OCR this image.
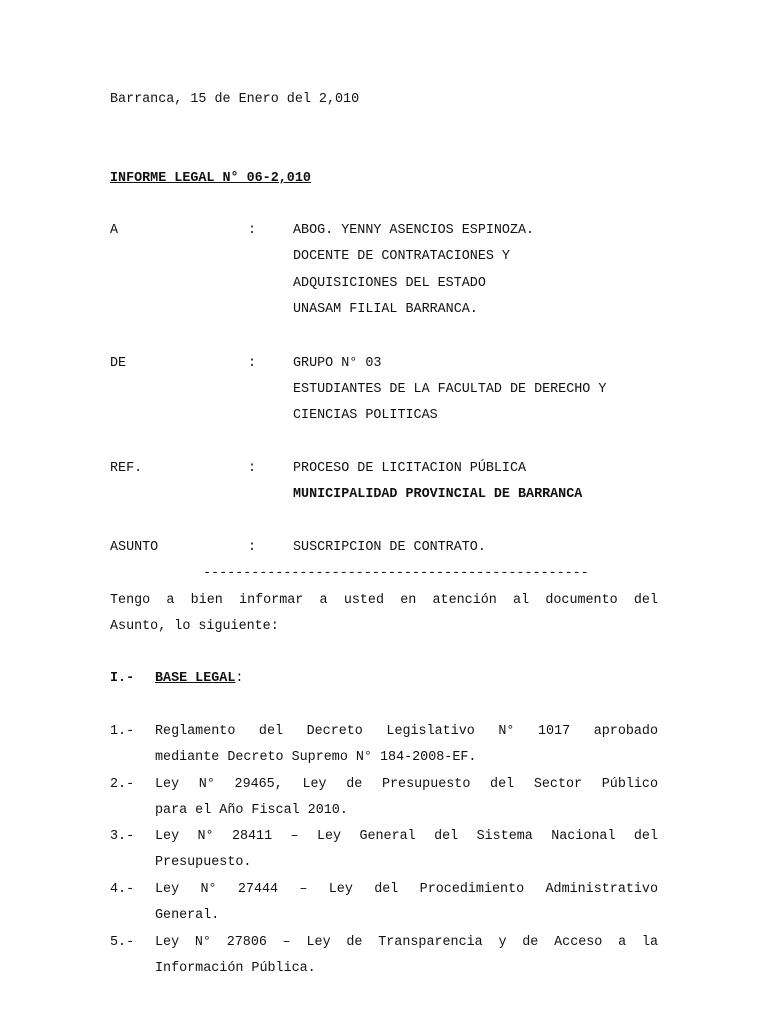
Barranca, 15 de Enero del 2,010
INFORME LEGAL N° 06-2,010
A	:	ABOG. YENNY ASENCIOS ESPINOZA.
DOCENTE DE CONTRATACIONES Y
ADQUISICIONES DEL ESTADO
UNASAM FILIAL BARRANCA.
DE	:	GRUPO N° 03
ESTUDIANTES DE LA FACULTAD DE DERECHO Y
CIENCIAS POLITICAS
REF.	:	PROCESO DE LICITACION PÚBLICA
MUNICIPALIDAD PROVINCIAL DE BARRANCA
ASUNTO	:	SUSCRIPCION DE CONTRATO.
------------------------------------------------
Tengo a bien informar a usted en atención al documento del
Asunto, lo siguiente:
I.- BASE LEGAL:
1.- Reglamento del Decreto Legislativo N° 1017 aprobado
mediante Decreto Supremo N° 184-2008-EF.
2.- Ley N° 29465, Ley de Presupuesto del Sector Público
para el Año Fiscal 2010.
3.- Ley N° 28411 – Ley General del Sistema Nacional del
Presupuesto.
4.- Ley N° 27444 – Ley del Procedimiento Administrativo
General.
5.- Ley N° 27806 – Ley de Transparencia y de Acceso a la
Información Pública.
